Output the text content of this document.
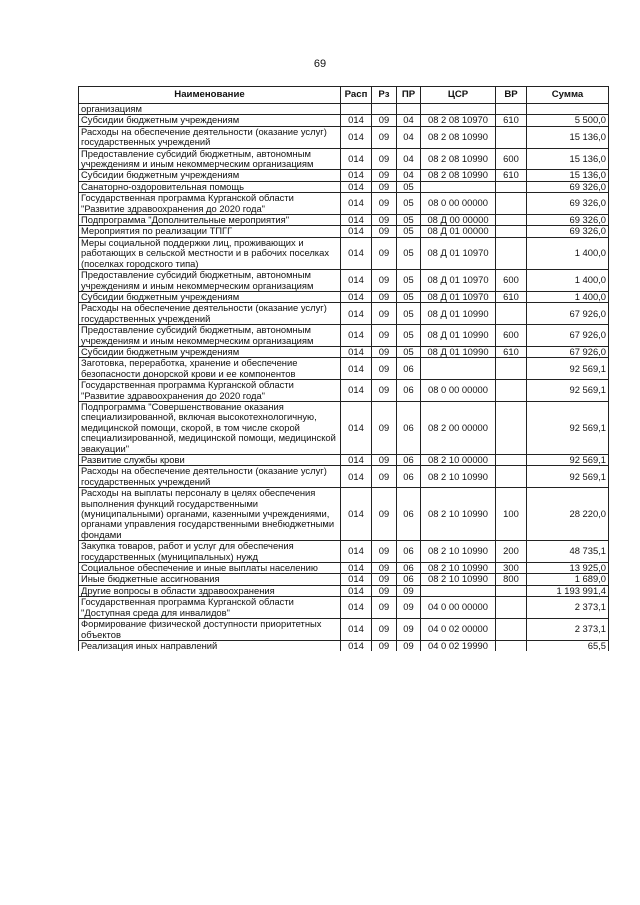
69
Наименование	Расп	Рз	ПР	ЦСР	ВР	Сумма
организациям						
Субсидии бюджетным учреждениям	014	09	04	08 2 08 10970	610	5 500,0
Расходы на обеспечение деятельности (оказание услуг) государственных учреждений	014	09	04	08 2 08 10990		15 136,0
Предоставление субсидий бюджетным, автономным учреждениям и иным некоммерческим организациям	014	09	04	08 2 08 10990	600	15 136,0
Субсидии бюджетным учреждениям	014	09	04	08 2 08 10990	610	15 136,0
Санаторно-оздоровительная помощь	014	09	05			69 326,0
Государственная программа Курганской области "Развитие здравоохранения до 2020 года"	014	09	05	08 0 00 00000		69 326,0
Подпрограмма "Дополнительные мероприятия"	014	09	05	08 Д 00 00000		69 326,0
Мероприятия по реализации ТПГГ	014	09	05	08 Д 01 00000		69 326,0
Меры социальной поддержки лиц, проживающих и работающих в сельской местности и в рабочих поселках (поселках городского типа)	014	09	05	08 Д 01 10970		1 400,0
Предоставление субсидий бюджетным, автономным учреждениям и иным некоммерческим организациям	014	09	05	08 Д 01 10970	600	1 400,0
Субсидии бюджетным учреждениям	014	09	05	08 Д 01 10970	610	1 400,0
Расходы на обеспечение деятельности (оказание услуг) государственных учреждений	014	09	05	08 Д 01 10990		67 926,0
Предоставление субсидий бюджетным, автономным учреждениям и иным некоммерческим организациям	014	09	05	08 Д 01 10990	600	67 926,0
Субсидии бюджетным учреждениям	014	09	05	08 Д 01 10990	610	67 926,0
Заготовка, переработка, хранение и обеспечение безопасности донорской крови и ее компонентов	014	09	06			92 569,1
Государственная программа Курганской области "Развитие здравоохранения до 2020 года"	014	09	06	08 0 00 00000		92 569,1
Подпрограмма "Совершенствование оказания специализированной, включая высокотехнологичную, медицинской помощи, скорой, в том числе скорой специализированной, медицинской помощи, медицинской эвакуации"	014	09	06	08 2 00 00000		92 569,1
Развитие службы крови	014	09	06	08 2 10 00000		92 569,1
Расходы на обеспечение деятельности (оказание услуг) государственных учреждений	014	09	06	08 2 10 10990		92 569,1
Расходы на выплаты персоналу в целях обеспечения выполнения функций государственными (муниципальными) органами, казенными учреждениями, органами управления государственными внебюджетными фондами	014	09	06	08 2 10 10990	100	28 220,0
Закупка товаров, работ и услуг для обеспечения государственных (муниципальных) нужд	014	09	06	08 2 10 10990	200	48 735,1
Социальное обеспечение и иные выплаты населению	014	09	06	08 2 10 10990	300	13 925,0
Иные бюджетные ассигнования	014	09	06	08 2 10 10990	800	1 689,0
Другие вопросы в области здравоохранения	014	09	09			1 193 991,4
Государственная программа Курганской области "Доступная среда для инвалидов"	014	09	09	04 0 00 00000		2 373,1
Формирование физической доступности приоритетных объектов	014	09	09	04 0 02 00000		2 373,1
Реализация иных направлений	014	09	09	04 0 02 19990		65,5
